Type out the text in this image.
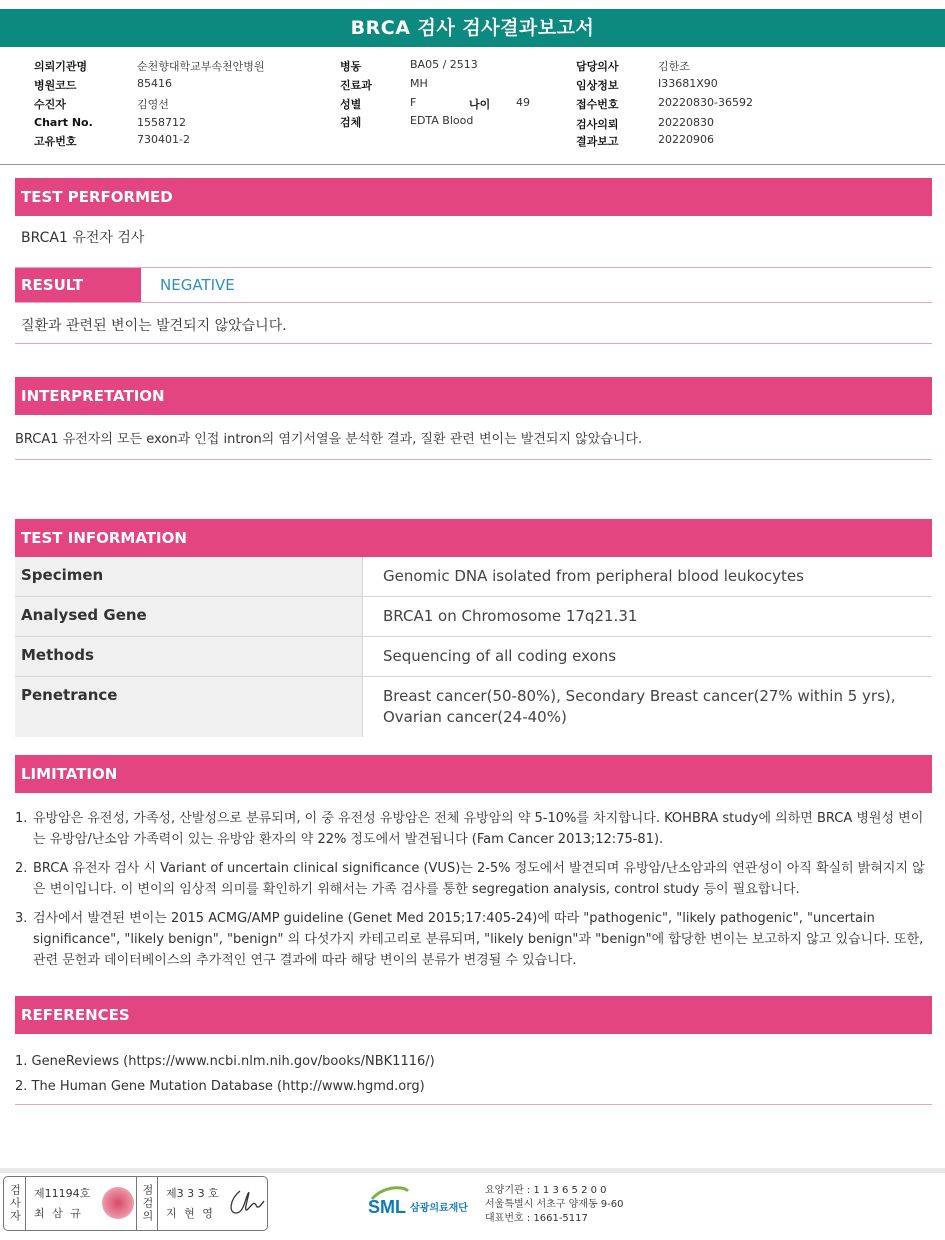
BRCA 검사 검사결과보고서
의뢰기관명	순천향대학교부속천안병원
병원코드	85416
수진자	김영선
Chart No.	1558712
고유번호	730401-2
병동	BA05 / 2513
진료과	MH
성별	F	나이 49
검체	EDTA Blood
담당의사	김한조
임상정보	I33681X90
접수번호	20220830-36592
검사의뢰	20220830
결과보고	20220906
TEST PERFORMED
BRCA1 유전자 검사
RESULT	NEGATIVE
질환과 관련된 변이는 발견되지 않았습니다.
INTERPRETATION
BRCA1 유전자의 모든 exon과 인접 intron의 염기서열을 분석한 결과, 질환 관련 변이는 발견되지 않았습니다.
TEST INFORMATION
Specimen	Genomic DNA isolated from peripheral blood leukocytes
Analysed Gene	BRCA1 on Chromosome 17q21.31
Methods	Sequencing of all coding exons
Penetrance	Breast cancer(50-80%), Secondary Breast cancer(27% within 5 yrs), Ovarian cancer(24-40%)
LIMITATION
1. 유방암은 유전성, 가족성, 산발성으로 분류되며, 이 중 유전성 유방암은 전체 유방암의 약 5-10%를 차지합니다. KOHBRA study에 의하면 BRCA 병원성 변이는 유방암/난소암 가족력이 있는 유방암 환자의 약 22% 정도에서 발견됩니다 (Fam Cancer 2013;12:75-81).
2. BRCA 유전자 검사 시 Variant of uncertain clinical significance (VUS)는 2-5% 정도에서 발견되며 유방암/난소암과의 연관성이 아직 확실히 밝혀지지 않은 변이입니다. 이 변이의 임상적 의미를 확인하기 위해서는 가족 검사를 통한 segregation analysis, control study 등이 필요합니다.
3. 검사에서 발견된 변이는 2015 ACMG/AMP guideline (Genet Med 2015;17:405-24)에 따라 "pathogenic", "likely pathogenic", "uncertain significance", "likely benign", "benign" 의 다섯가지 카테고리로 분류되며, "likely benign"과 "benign"에 합당한 변이는 보고하지 않고 있습니다. 또한, 관련 문헌과 데이터베이스의 추가적인 연구 결과에 따라 해당 변이의 분류가 변경될 수 있습니다.
REFERENCES
1. GeneReviews (https://www.ncbi.nlm.nih.gov/books/NBK1116/)
2. The Human Gene Mutation Database (http://www.hgmd.org)
검사자 제11194호
최 삼 규	점검의 제3 3 3 호
지 현 영	SML 삼광의료재단
요양기관 : 1 1 3 6 5 2 0 0
서울특별시 서초구 양재동 9-60
대표번호 : 1661-5117
